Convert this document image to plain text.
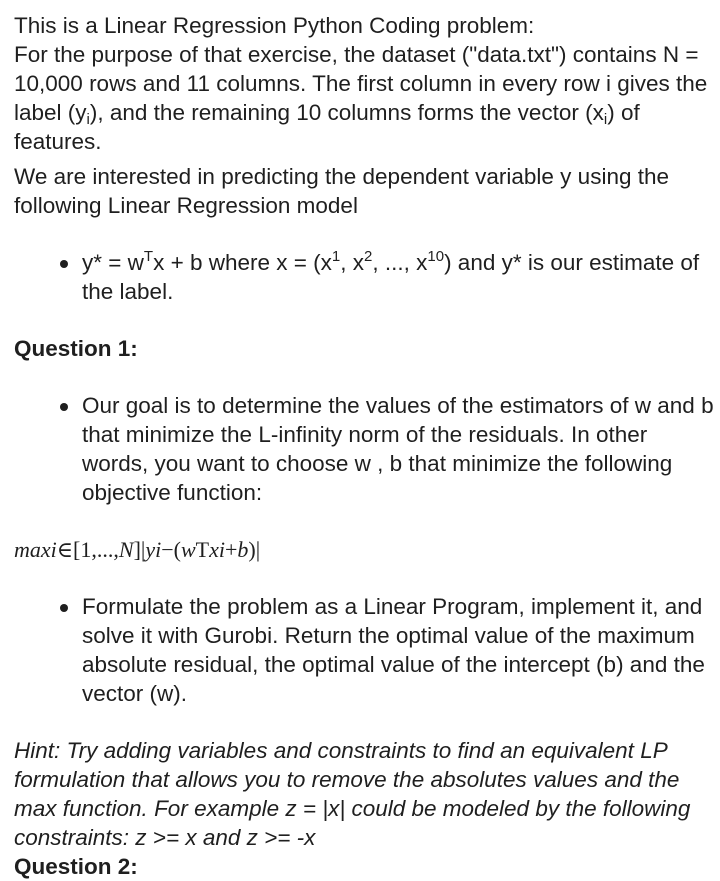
This is a Linear Regression Python Coding problem:

For the purpose of that exercise, the dataset ("data.txt") contains N = 10,000 rows and 11 columns. The first column in every row i gives the label $(y_i)$, and the remaining 10 columns forms the vector $(x_i)$ of features.

We are interested in predicting the dependent variable y using the following Linear Regression model

$y* = w^Tx + b$ where $x = (x^1$, $x^2$, ..., $x^{10}$) and y* is our estimate of the label.

Question 1:

Our goal is to determine the values of the estimators of w and b that minimize the L-infinity norm of the residuals. In other words, you want to choose w , b that minimize the following objective function:

maxi∈[1,...,N]|yi−(wTxi+b)|

Formulate the problem as a Linear Program, implement it, and solve it with Gurobi. Return the optimal value of the maximum absolute residual, the optimal value of the intercept (b) and the vector (w).

Hint: Try adding variables and constraints to find an equivalent LP formulation that allows you to remove the absolutes values and the max function. For example z = |x| could be modeled by the following constraints: z >= x and z >= -x

Question 2:
